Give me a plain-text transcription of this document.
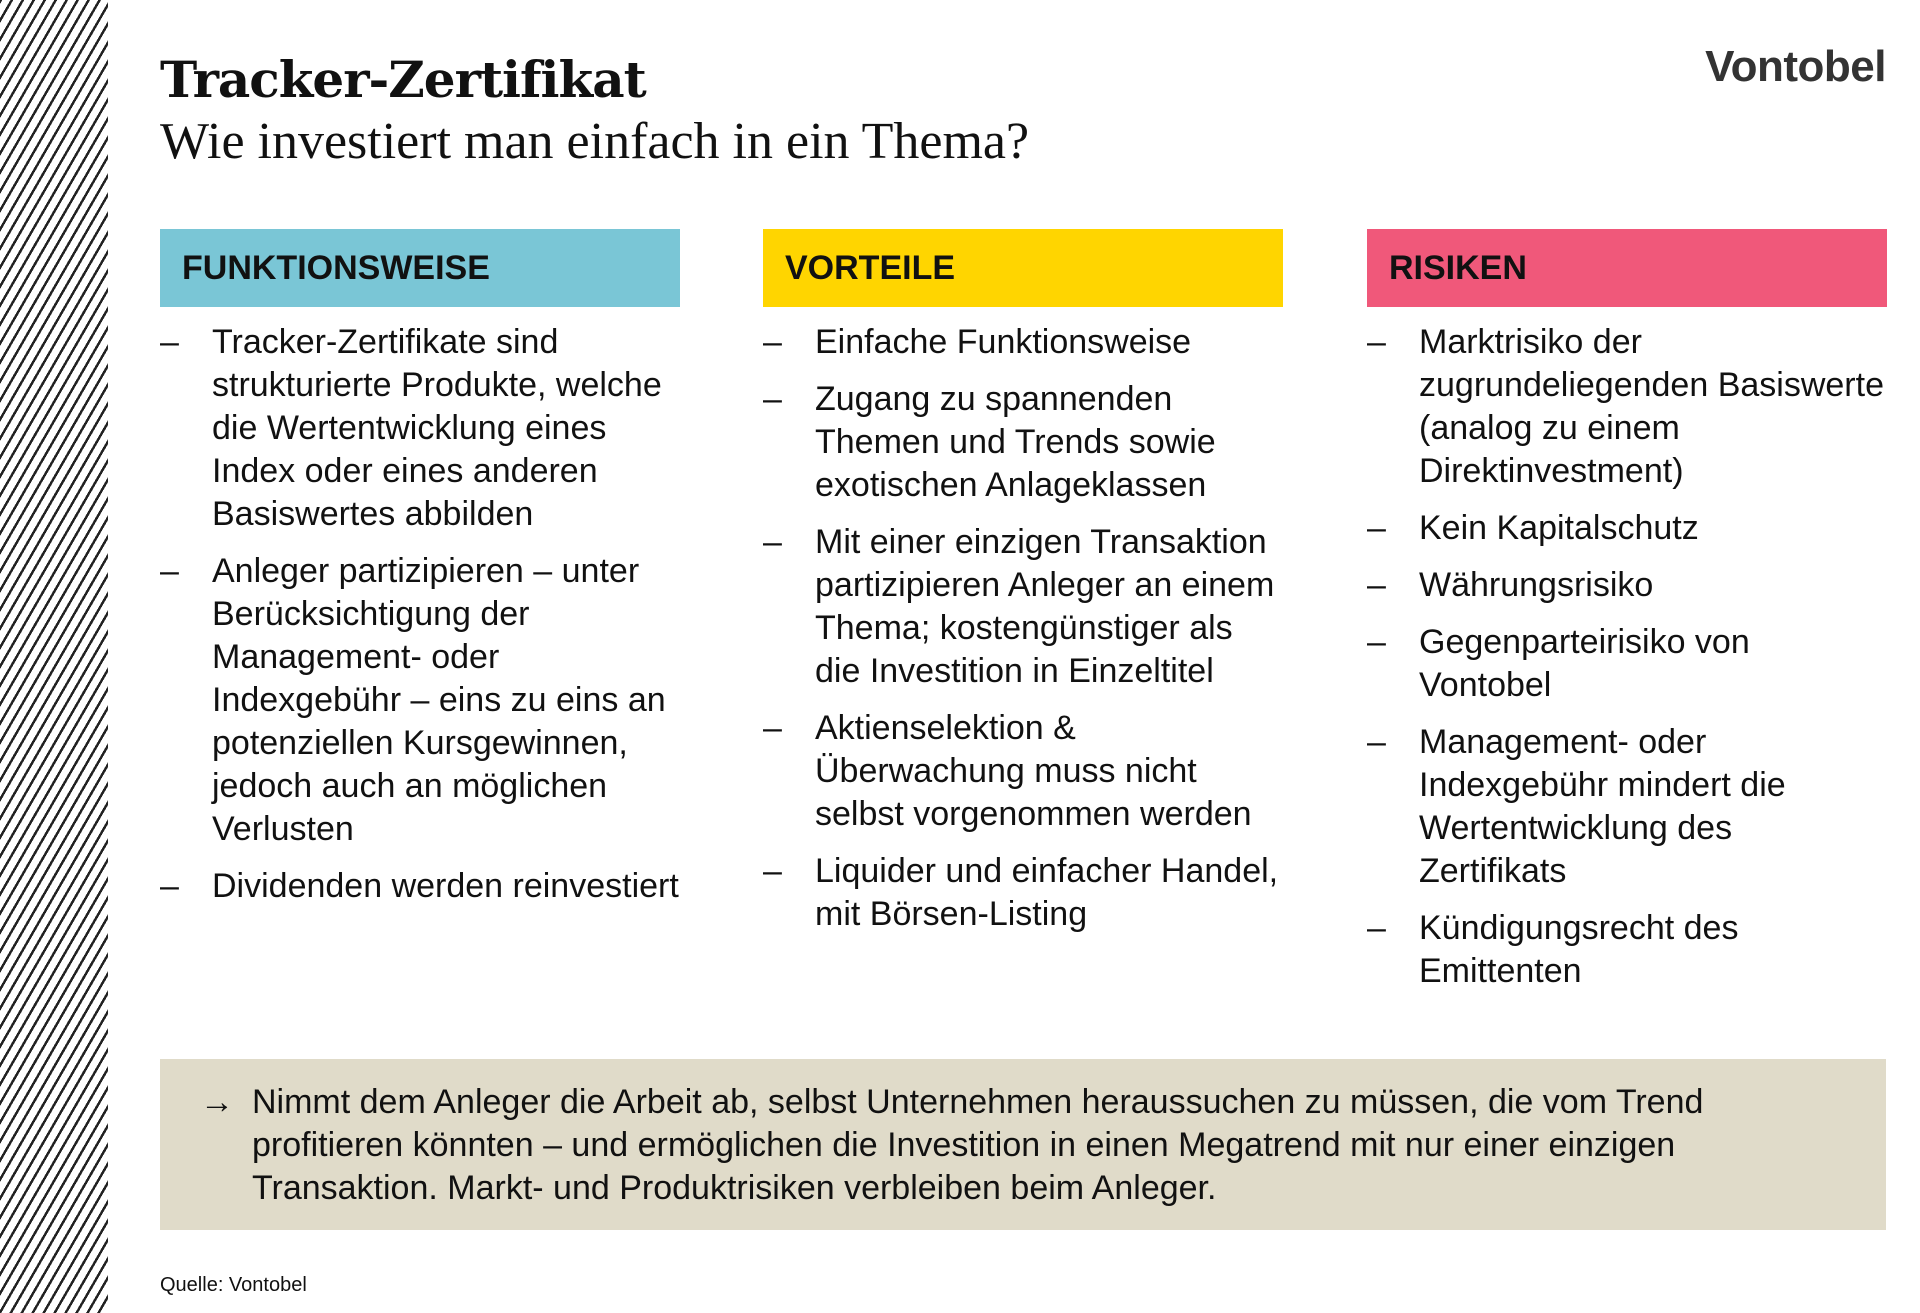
Tracker-Zertifikat
Wie investiert man einfach in ein Thema?
Vontobel
FUNKTIONSWEISE
– Tracker-Zertifikate sind strukturierte Produkte, welche die Wertentwicklung eines Index oder eines anderen Basiswertes abbilden
– Anleger partizipieren – unter Berücksichtigung der Management- oder Indexgebühr – eins zu eins an potenziellen Kursgewinnen, jedoch auch an möglichen Verlusten
– Dividenden werden reinvestiert
VORTEILE
– Einfache Funktionsweise
– Zugang zu spannenden Themen und Trends sowie exotischen Anlageklassen
– Mit einer einzigen Transaktion partizipieren Anleger an einem Thema; kostengünstiger als die Investition in Einzeltitel
– Aktienselektion & Überwachung muss nicht selbst vorgenommen werden
– Liquider und einfacher Handel, mit Börsen-Listing
RISIKEN
– Marktrisiko der zugrundeliegenden Basiswerte (analog zu einem Direktinvestment)
– Kein Kapitalschutz
– Währungsrisiko
– Gegenparteirisiko von Vontobel
– Management- oder Indexgebühr mindert die Wertentwicklung des Zertifikats
– Kündigungsrecht des Emittenten
→ Nimmt dem Anleger die Arbeit ab, selbst Unternehmen heraussuchen zu müssen, die vom Trend profitieren könnten – und ermöglichen die Investition in einen Megatrend mit nur einer einzigen Transaktion. Markt- und Produktrisiken verbleiben beim Anleger.
Quelle: Vontobel
